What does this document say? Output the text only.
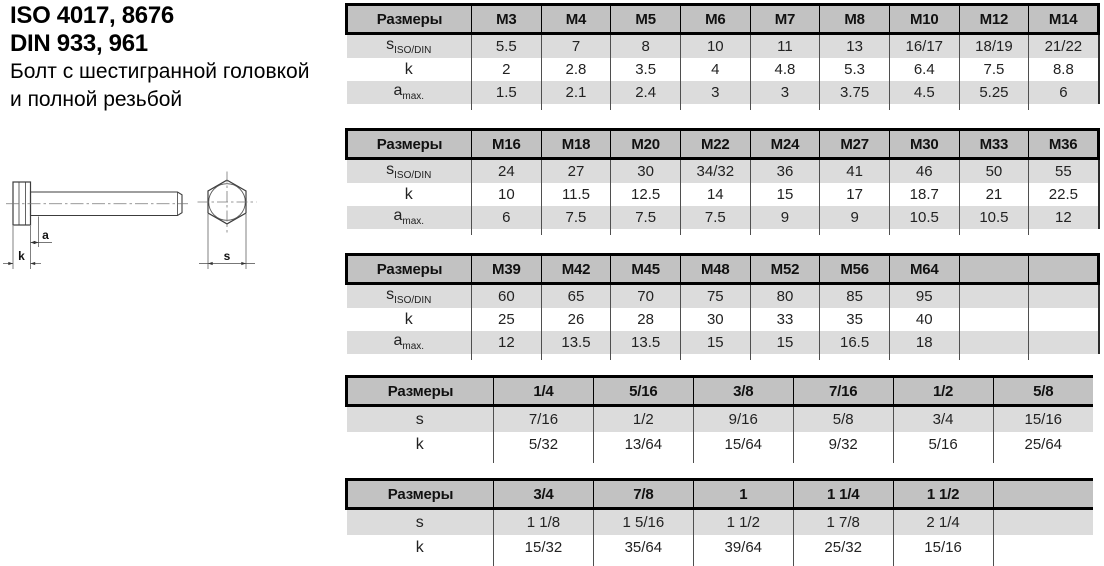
ISO 4017, 8676
DIN 933, 961
Болт с шестигранной головкой
и полной резьбой
a
k	s
Размеры	M3	M4	M5	M6	M7	M8	M10	M12	M14
$s_{ISO/DIN}$	5.5	7	8	10	11	13	16/17	18/19	21/22
k	2	2.8	3.5	4	4.8	5.3	6.4	7.5	8.8
$a_{max.}$	1.5	2.1	2.4	3	3	3.75	4.5	5.25	6

Размеры	M16	M18	M20	M22	M24	M27	M30	M33	M36
$s_{ISO/DIN}$	24	27	30	34/32	36	41	46	50	55
k	10	11.5	12.5	14	15	17	18.7	21	22.5
$a_{max.}$	6	7.5	7.5	7.5	9	9	10.5	10.5	12

Размеры	M39	M42	M45	M48	M52	M56	M64		
$s_{ISO/DIN}$	60	65	70	75	80	85	95		
k	25	26	28	30	33	35	40		
$a_{max.}$	12	13.5	13.5	15	15	16.5	18		

Размеры	1/4	5/16	3/8	7/16	1/2	5/8
s	7/16	1/2	9/16	5/8	3/4	15/16
k	5/32	13/64	15/64	9/32	5/16	25/64

Размеры	3/4	7/8	1	1 1/4	1 1/2	
s	1 1/8	1 5/16	1 1/2	1 7/8	2 1/4	
k	15/32	35/64	39/64	25/32	15/16	
